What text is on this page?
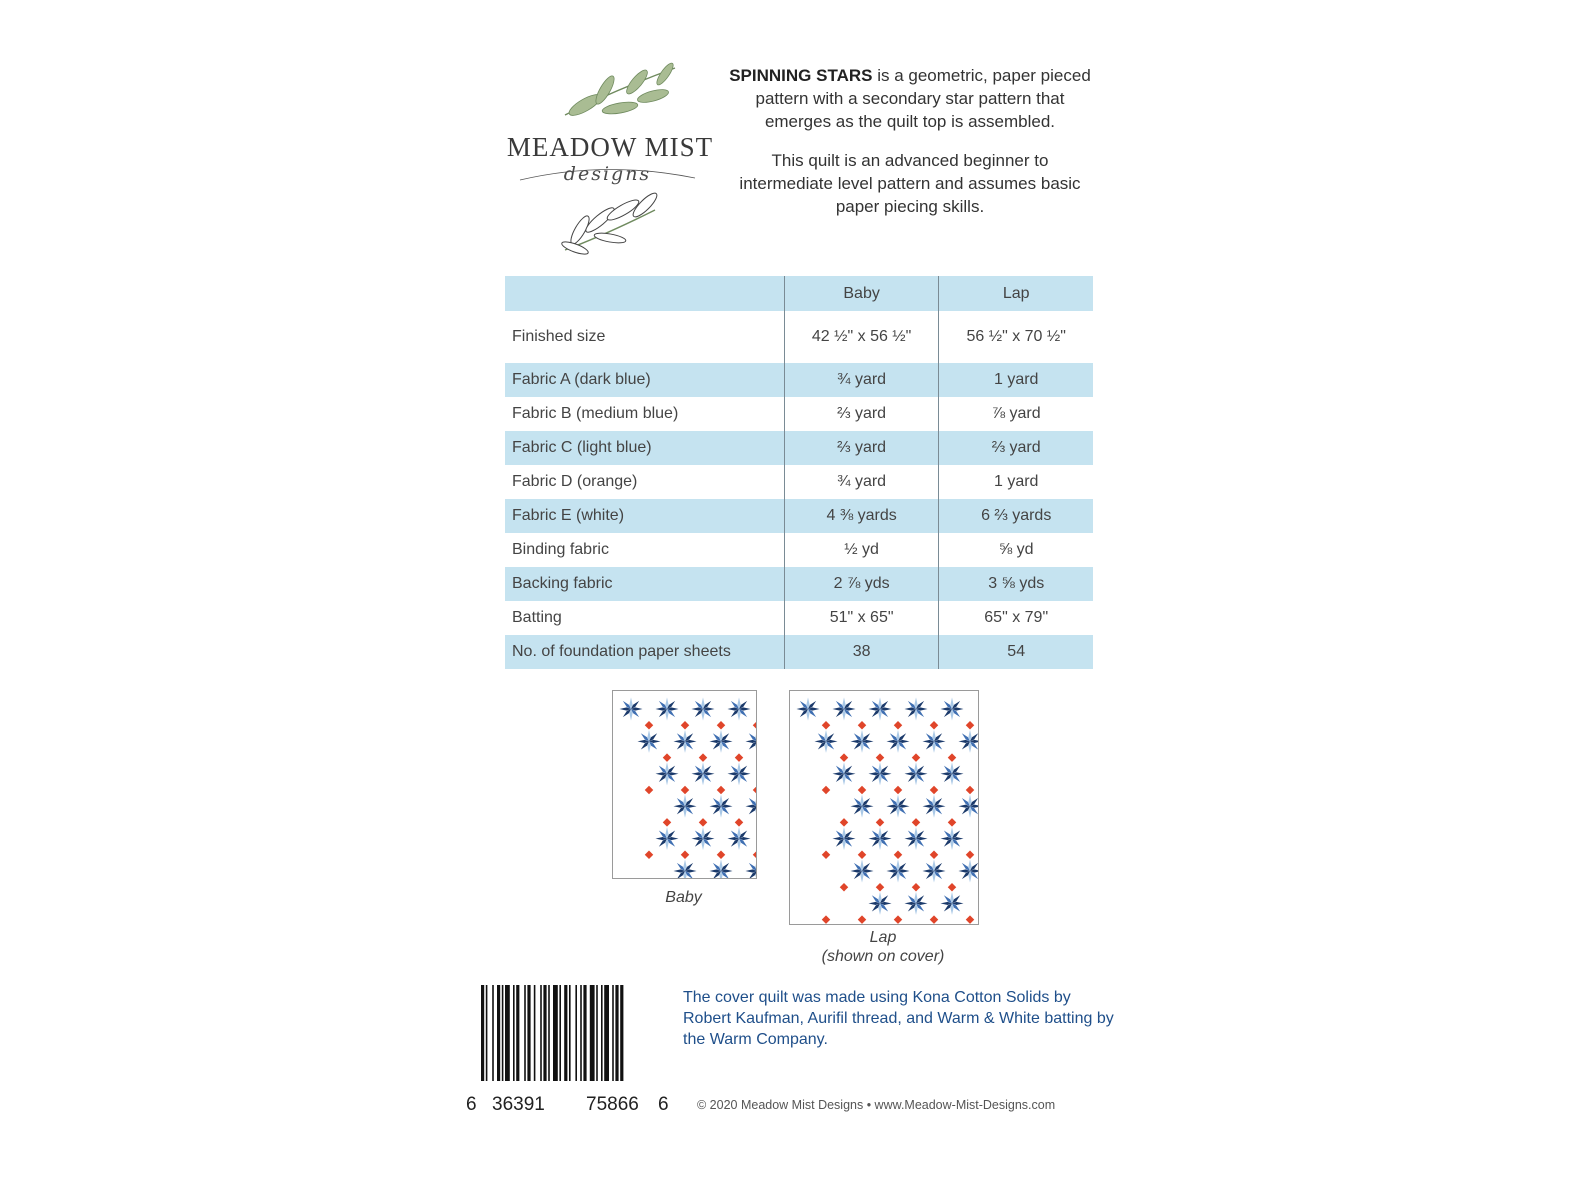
MEADOW MIST
designs

SPINNING STARS is a geometric, paper pieced pattern with a secondary star pattern that emerges as the quilt top is assembled.

This quilt is an advanced beginner to intermediate level pattern and assumes basic paper piecing skills.

	Baby	Lap
Finished size	42 ½" x 56 ½"	56 ½" x 70 ½"
Fabric A (dark blue)	¾ yard	1 yard
Fabric B (medium blue)	⅔ yard	⅞ yard
Fabric C (light blue)	⅔ yard	⅔ yard
Fabric D (orange)	¾ yard	1 yard
Fabric E (white)	4 ⅜ yards	6 ⅔ yards
Binding fabric	½ yd	⅝ yd
Backing fabric	2 ⅞ yds	3 ⅝ yds
Batting	51" x 65"	65" x 79"
No. of foundation paper sheets	38	54
Baby
Lap
(shown on cover)
6 36391 75866 6
The cover quilt was made using Kona Cotton Solids by Robert Kaufman, Aurifil thread, and Warm & White batting by the Warm Company.
© 2020 Meadow Mist Designs • www.Meadow-Mist-Designs.com
